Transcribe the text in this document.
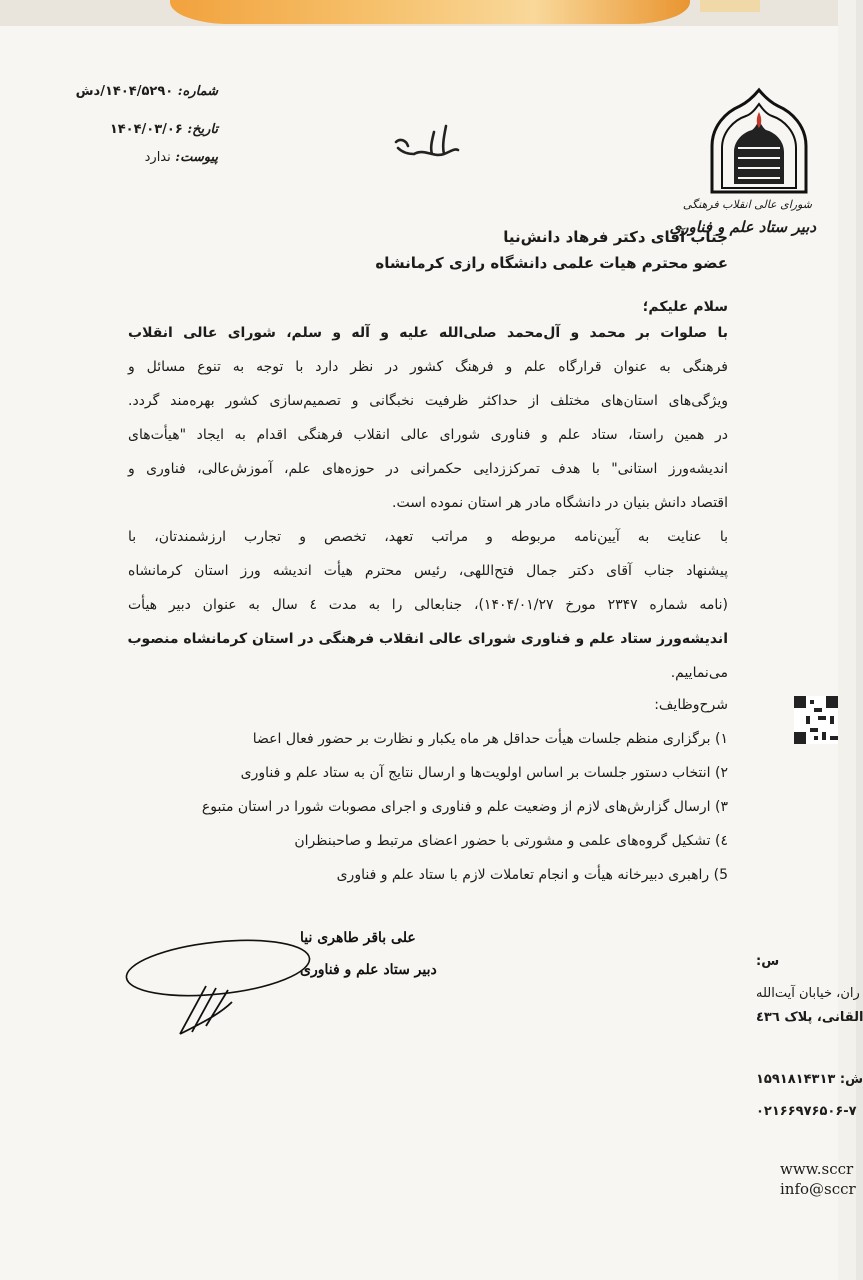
شماره: ۱۴۰۴/۵۲۹۰/دش
تاریخ: ۱۴۰۴/۰۳/۰۶
پیوست: ندارد
باسمه تعالی
شورای عالی انقلاب فرهنگی
دبیر ستاد علم و فناوری
جناب آقای دکتر فرهاد دانش‌نیا
عضو محترم هیات علمی دانشگاه رازی کرمانشاه
سلام علیکم؛
با صلوات بر محمد و آل‌محمد صلی‌الله علیه و آله و سلم، شورای عالی انقلاب
فرهنگی به عنوان قرارگاه علم و فرهنگ کشور در نظر دارد با توجه به تنوع مسائل و
ویژگی‌های استان‌های مختلف از حداکثر ظرفیت نخبگانی و تصمیم‌سازی کشور بهره‌مند گردد.
در همین راستا، ستاد علم و فناوری شورای عالی انقلاب فرهنگی اقدام به ایجاد "هیأت‌های
اندیشه‌ورز استانی" با هدف تمرکززدایی حکمرانی در حوزه‌های علم، آموزش‌عالی، فناوری و
اقتصاد دانش بنیان در دانشگاه مادر هر استان نموده است.
با عنایت به آیین‌نامه مربوطه و مراتب تعهد، تخصص و تجارب ارزشمندتان، با
پیشنهاد جناب آقای دکتر جمال فتح‌اللهی، رئیس محترم هیأت اندیشه ورز استان کرمانشاه
(نامه شماره ۲۳۴۷ مورخ ۱۴۰۴/۰۱/۲۷)، جنابعالی را به مدت ٤ سال به عنوان دبیر هیأت
اندیشه‌ورز ستاد علم و فناوری شورای عالی انقلاب فرهنگی در استان کرمانشاه منصوب
می‌نماییم.
شرح‌وظایف:
۱) برگزاری منظم جلسات هیأت حداقل هر ماه یکبار و نظارت بر حضور فعال اعضا
۲) انتخاب دستور جلسات بر اساس اولویت‌ها و ارسال نتایج آن به ستاد علم و فناوری
۳) ارسال گزارش‌های لازم از وضعیت علم و فناوری و اجرای مصوبات شورا در استان متبوع
٤) تشکیل گروه‌های علمی و مشورتی با حضور اعضای مرتبط و صاحبنظران
5) راهبری دبیرخانه هیأت و انجام تعاملات لازم با ستاد علم و فناوری
علی باقر طاهری نیا
دبیر ستاد علم و فناوری
س:
ران، خیابان آیت‌الله
القانی، پلاک ٤٣٦
ش: ۱۵۹۱۸۱۴۳۱۳
۰۲۱۶۶۹۷۶۵۰۶-۷
www.sccr
info@sccr
